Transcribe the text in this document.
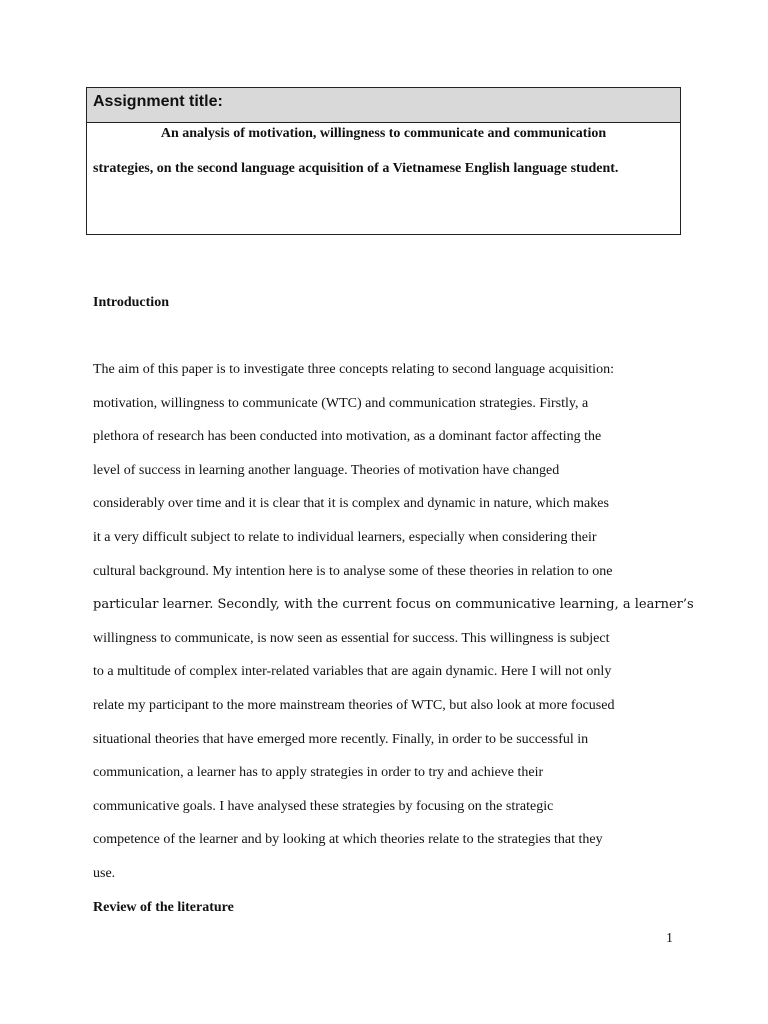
Assignment title:
An analysis of motivation, willingness to communicate and communication
strategies, on the second language acquisition of a Vietnamese English language student.
Introduction
The aim of this paper is to investigate three concepts relating to second language acquisition:
motivation, willingness to communicate (WTC) and communication strategies. Firstly, a
plethora of research has been conducted into motivation, as a dominant factor affecting the
level of success in learning another language. Theories of motivation have changed
considerably over time and it is clear that it is complex and dynamic in nature, which makes
it a very difficult subject to relate to individual learners, especially when considering their
cultural background. My intention here is to analyse some of these theories in relation to one
particular learner. Secondly, with the current focus on communicative learning, a learner’s
willingness to communicate, is now seen as essential for success. This willingness is subject
to a multitude of complex inter-related variables that are again dynamic. Here I will not only
relate my participant to the more mainstream theories of WTC, but also look at more focused
situational theories that have emerged more recently. Finally, in order to be successful in
communication, a learner has to apply strategies in order to try and achieve their
communicative goals. I have analysed these strategies by focusing on the strategic
competence of the learner and by looking at which theories relate to the strategies that they
use.
Review of the literature
1
